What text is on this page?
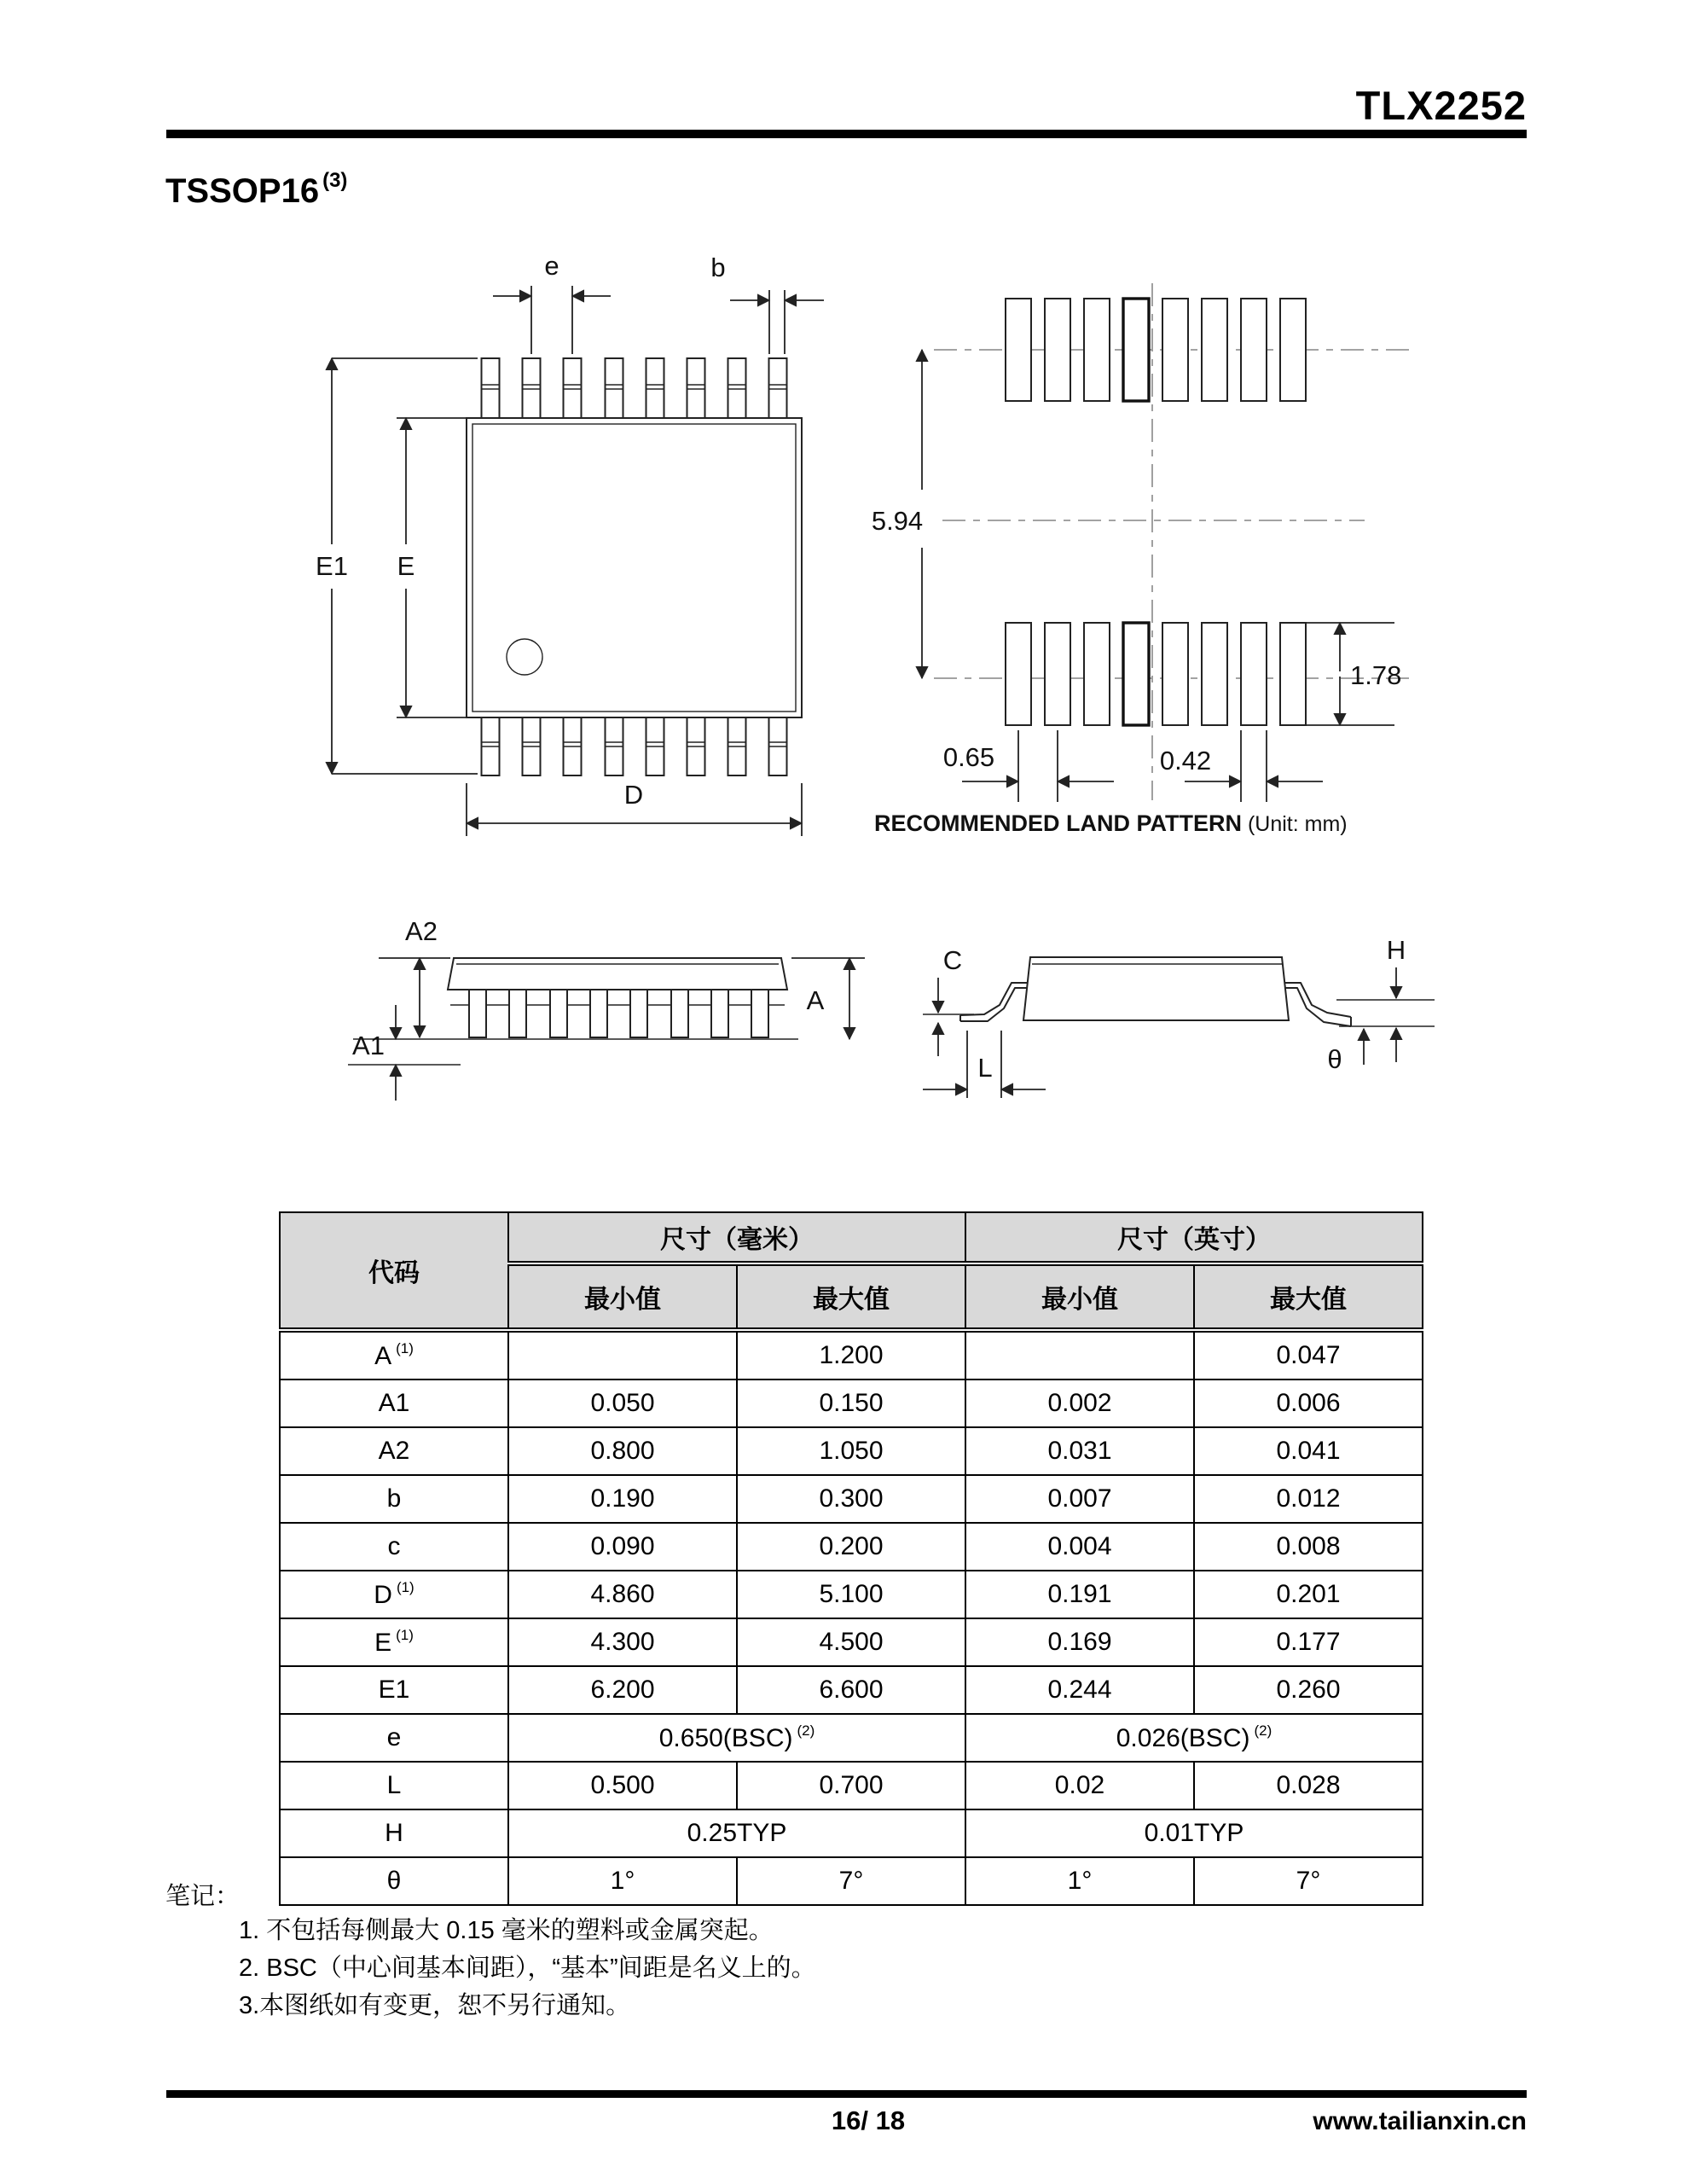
TLX2252
TSSOP16 $^{(3)}$
e	b
E1 E
D
5.94
1.78
0.65	0.42
RECOMMENDED LAND PATTERN (Unit: mm)
A
A2
A1
C
L
H
θ
代码	尺寸（毫米）		尺寸（英寸）	
	最小值	最大值	最小值	最大值
A $^{(1)}$		1.200		0.047
A1	0.050	0.150	0.002	0.006
A2	0.800	1.050	0.031	0.041
b	0.190	0.300	0.007	0.012
c	0.090	0.200	0.004	0.008
D $^{(1)}$	4.860	5.100	0.191	0.201
E $^{(1)}$	4.300	4.500	0.169	0.177
E1	6.200	6.600	0.244	0.260
e	0.650(BSC) $^{(2)}$		0.026(BSC) $^{(2)}$
L	0.500	0.700	0.02	0.028
H	0.25TYP		0.01TYP	
θ	1°	7°	1°	7°
笔记：
1. 不包括每侧最大 0.15 毫米的塑料或金属突起。
2. BSC（中心间基本间距），“基本”间距是名义上的。
3.本图纸如有变更，恕不另行通知。
16/ 18	www.tailianxin.cn
